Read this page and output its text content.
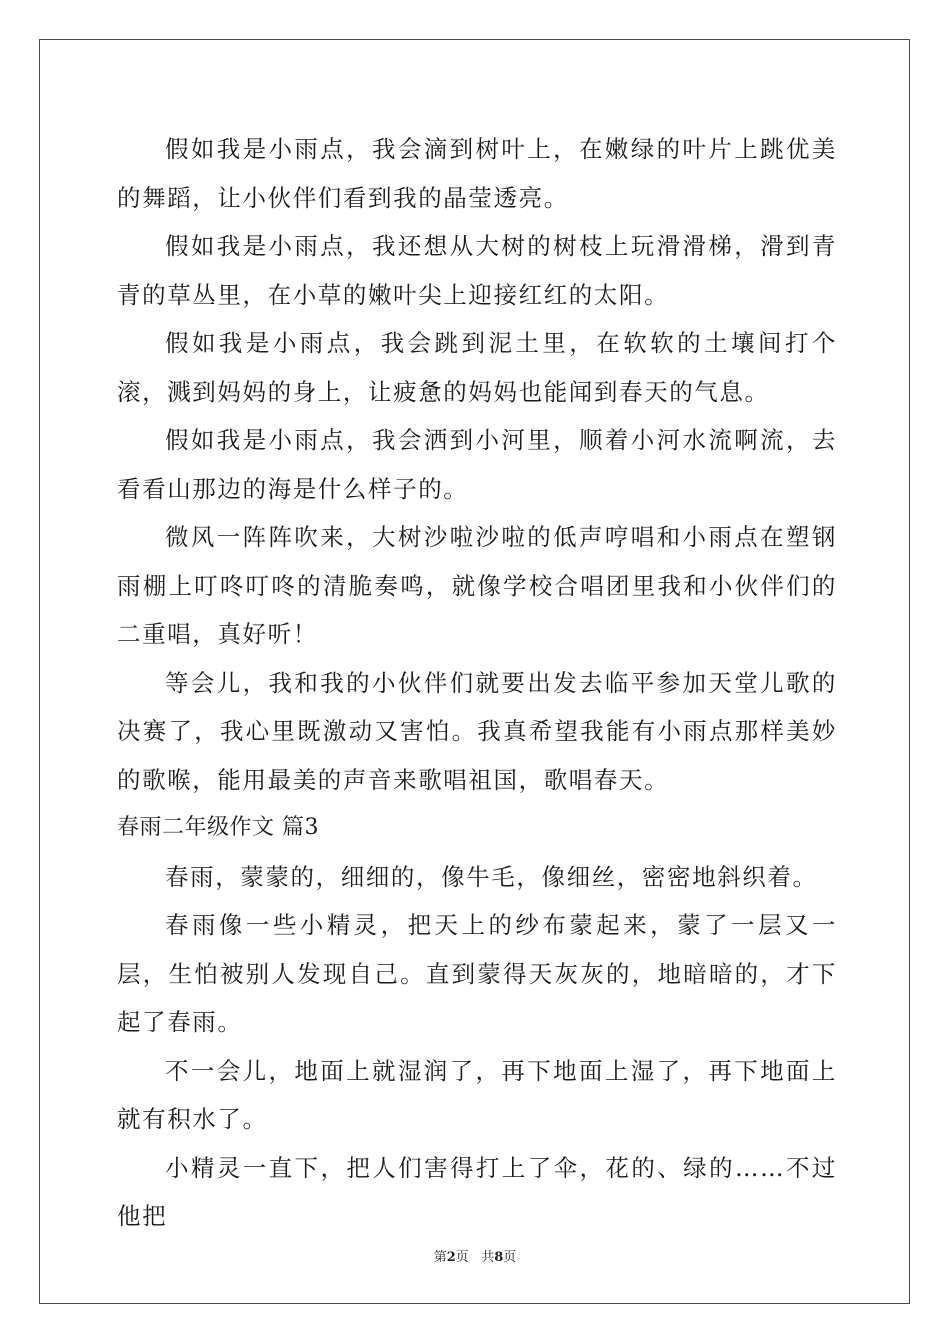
假如我是小雨点，我会滴到树叶上，在嫩绿的叶片上跳优美的舞蹈，让小伙伴们看到我的晶莹透亮。

假如我是小雨点，我还想从大树的树枝上玩滑滑梯，滑到青青的草丛里，在小草的嫩叶尖上迎接红红的太阳。

假如我是小雨点，我会跳到泥土里，在软软的土壤间打个滚，溅到妈妈的身上，让疲惫的妈妈也能闻到春天的气息。

假如我是小雨点，我会洒到小河里，顺着小河水流啊流，去看看山那边的海是什么样子的。

微风一阵阵吹来，大树沙啦沙啦的低声哼唱和小雨点在塑钢雨棚上叮咚叮咚的清脆奏鸣，就像学校合唱团里我和小伙伴们的二重唱，真好听！

等会儿，我和我的小伙伴们就要出发去临平参加天堂儿歌的决赛了，我心里既激动又害怕。我真希望我能有小雨点那样美妙的歌喉，能用最美的声音来歌唱祖国，歌唱春天。

春雨二年级作文 篇3

春雨，蒙蒙的，细细的，像牛毛，像细丝，密密地斜织着。

春雨像一些小精灵，把天上的纱布蒙起来，蒙了一层又一层，生怕被别人发现自己。直到蒙得天灰灰的，地暗暗的，才下起了春雨。

不一会儿，地面上就湿润了，再下地面上湿了，再下地面上就有积水了。

小精灵一直下，把人们害得打上了伞，花的、绿的……不过他把

第2页 共8页
